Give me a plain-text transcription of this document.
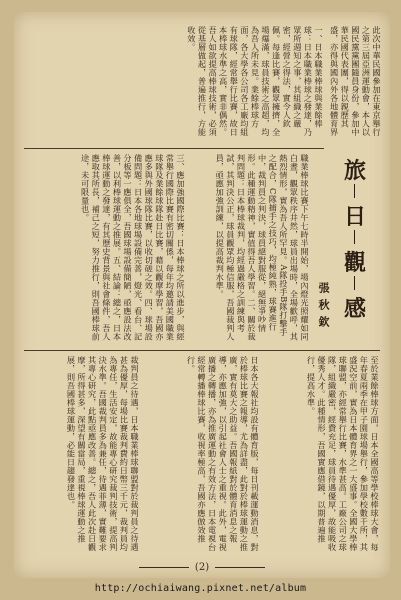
此次中華民國參加在東京舉行之第三屆亞洲運動會，本人以國民黨黨團隨員身份，參加中華民國代表團，得以親歷其盛，亦得與國內外各地體育界
一、日本職業棒球與業餘棒球：日本職業棒球之發達，乃眾所週知之事，其組織之嚴密，經營之得法，實令人欽佩。每逢比賽，觀眾擁擠，全場爆滿，球員技術之高超，均為吾人所未見。業餘棒球方面，各大學各公司各工廠均組有球隊，經常舉行比賽，故日本棒球水準之高，實非偶然。吾人如欲提高棒球技術，必須從基層做起，普遍推行，方能收效。
旅
日
觀
感
張秋欽
職業棒球比賽下午七時半開始，場內燈光照耀如同白晝，觀眾秩序井然，球員出場時，全場歡呼，其熱烈情形，實為吾人所罕見。A隊投手B隊打擊手之配合，C隊捕手之技巧，均極純熟，球賽進行中，裁判員之判決，球員絕對服從，絕無爭吵情形。此種運動精神，實值得吾人學習。二、關於裁判問題：日本棒球裁判，均經過嚴格之訓練與考試，其判決公正，球員觀眾均極信服，吾國裁判人員，亟應加強訓練，以提高裁判水準。
三、應加強國際比賽：日本棒球之所以進步，與經常舉行國際比賽有密切關係，每年均邀請美國職業球隊及業餘球隊赴日比賽，藉以觀摩學習，吾國亦應多與外國球隊比賽，以收切磋之效。四、球場設備問題：日本各地球場設備完善，燈光、看台、記分板等一應俱全，吾國球場設備簡陋，亟應設法改善，以利棒球運動之推展。五、結論：總之，日本棒球運動之發達，有其歷史背景與社會條件，吾人應取其所長，補己之短，努力推行，則吾國棒球前途，未可限量也。
至於業餘棒球方面，日本全國高等學校棒球大會，每年春夏兩季在甲子園球場舉行，參加學校數千所，其盛況空前，實為日本體育界之一大盛事。全國大學棒球聯盟，亦經常舉行比賽，水準甚高。工廠公司之球隊，組織嚴密，經費充足，球員待遇優厚，故能吸收優秀人才。此種情形，吾國實應借鏡，以期普遍推行，提高水準。
日本各大報社均設有體育版，每日刊載運動消息，對於棒球比賽之報導，尤為詳盡，此對於棒球運動之推廣，實有莫大之助益。吾國報紙對於體育消息之報導，亦應加強，以引起社會人士之重視。此外，電視廣播之轉播，亦為推廣運動之有效方法，日本電視台經常轉播棒球比賽，收視率極高，吾國亦應倣效推行。
裁判員之待遇，日本職業棒球聯盟對於裁判員之待遇甚為優厚，每場比賽裁判費約日幣三千元，裁判員均為專任，生活安定，故能專心研究裁判技術，提高判決水準。吾國裁判員多為兼任，待遇菲薄，實難要求其專心研究，此點亟應改善。總之，吾人此次赴日觀摩，所得甚多，深望有關當局，重視棒球運動之推展，則吾國棒球運動，必能日趨發達也。
(2)
http://ochiaiwang.pixnet.net/album
